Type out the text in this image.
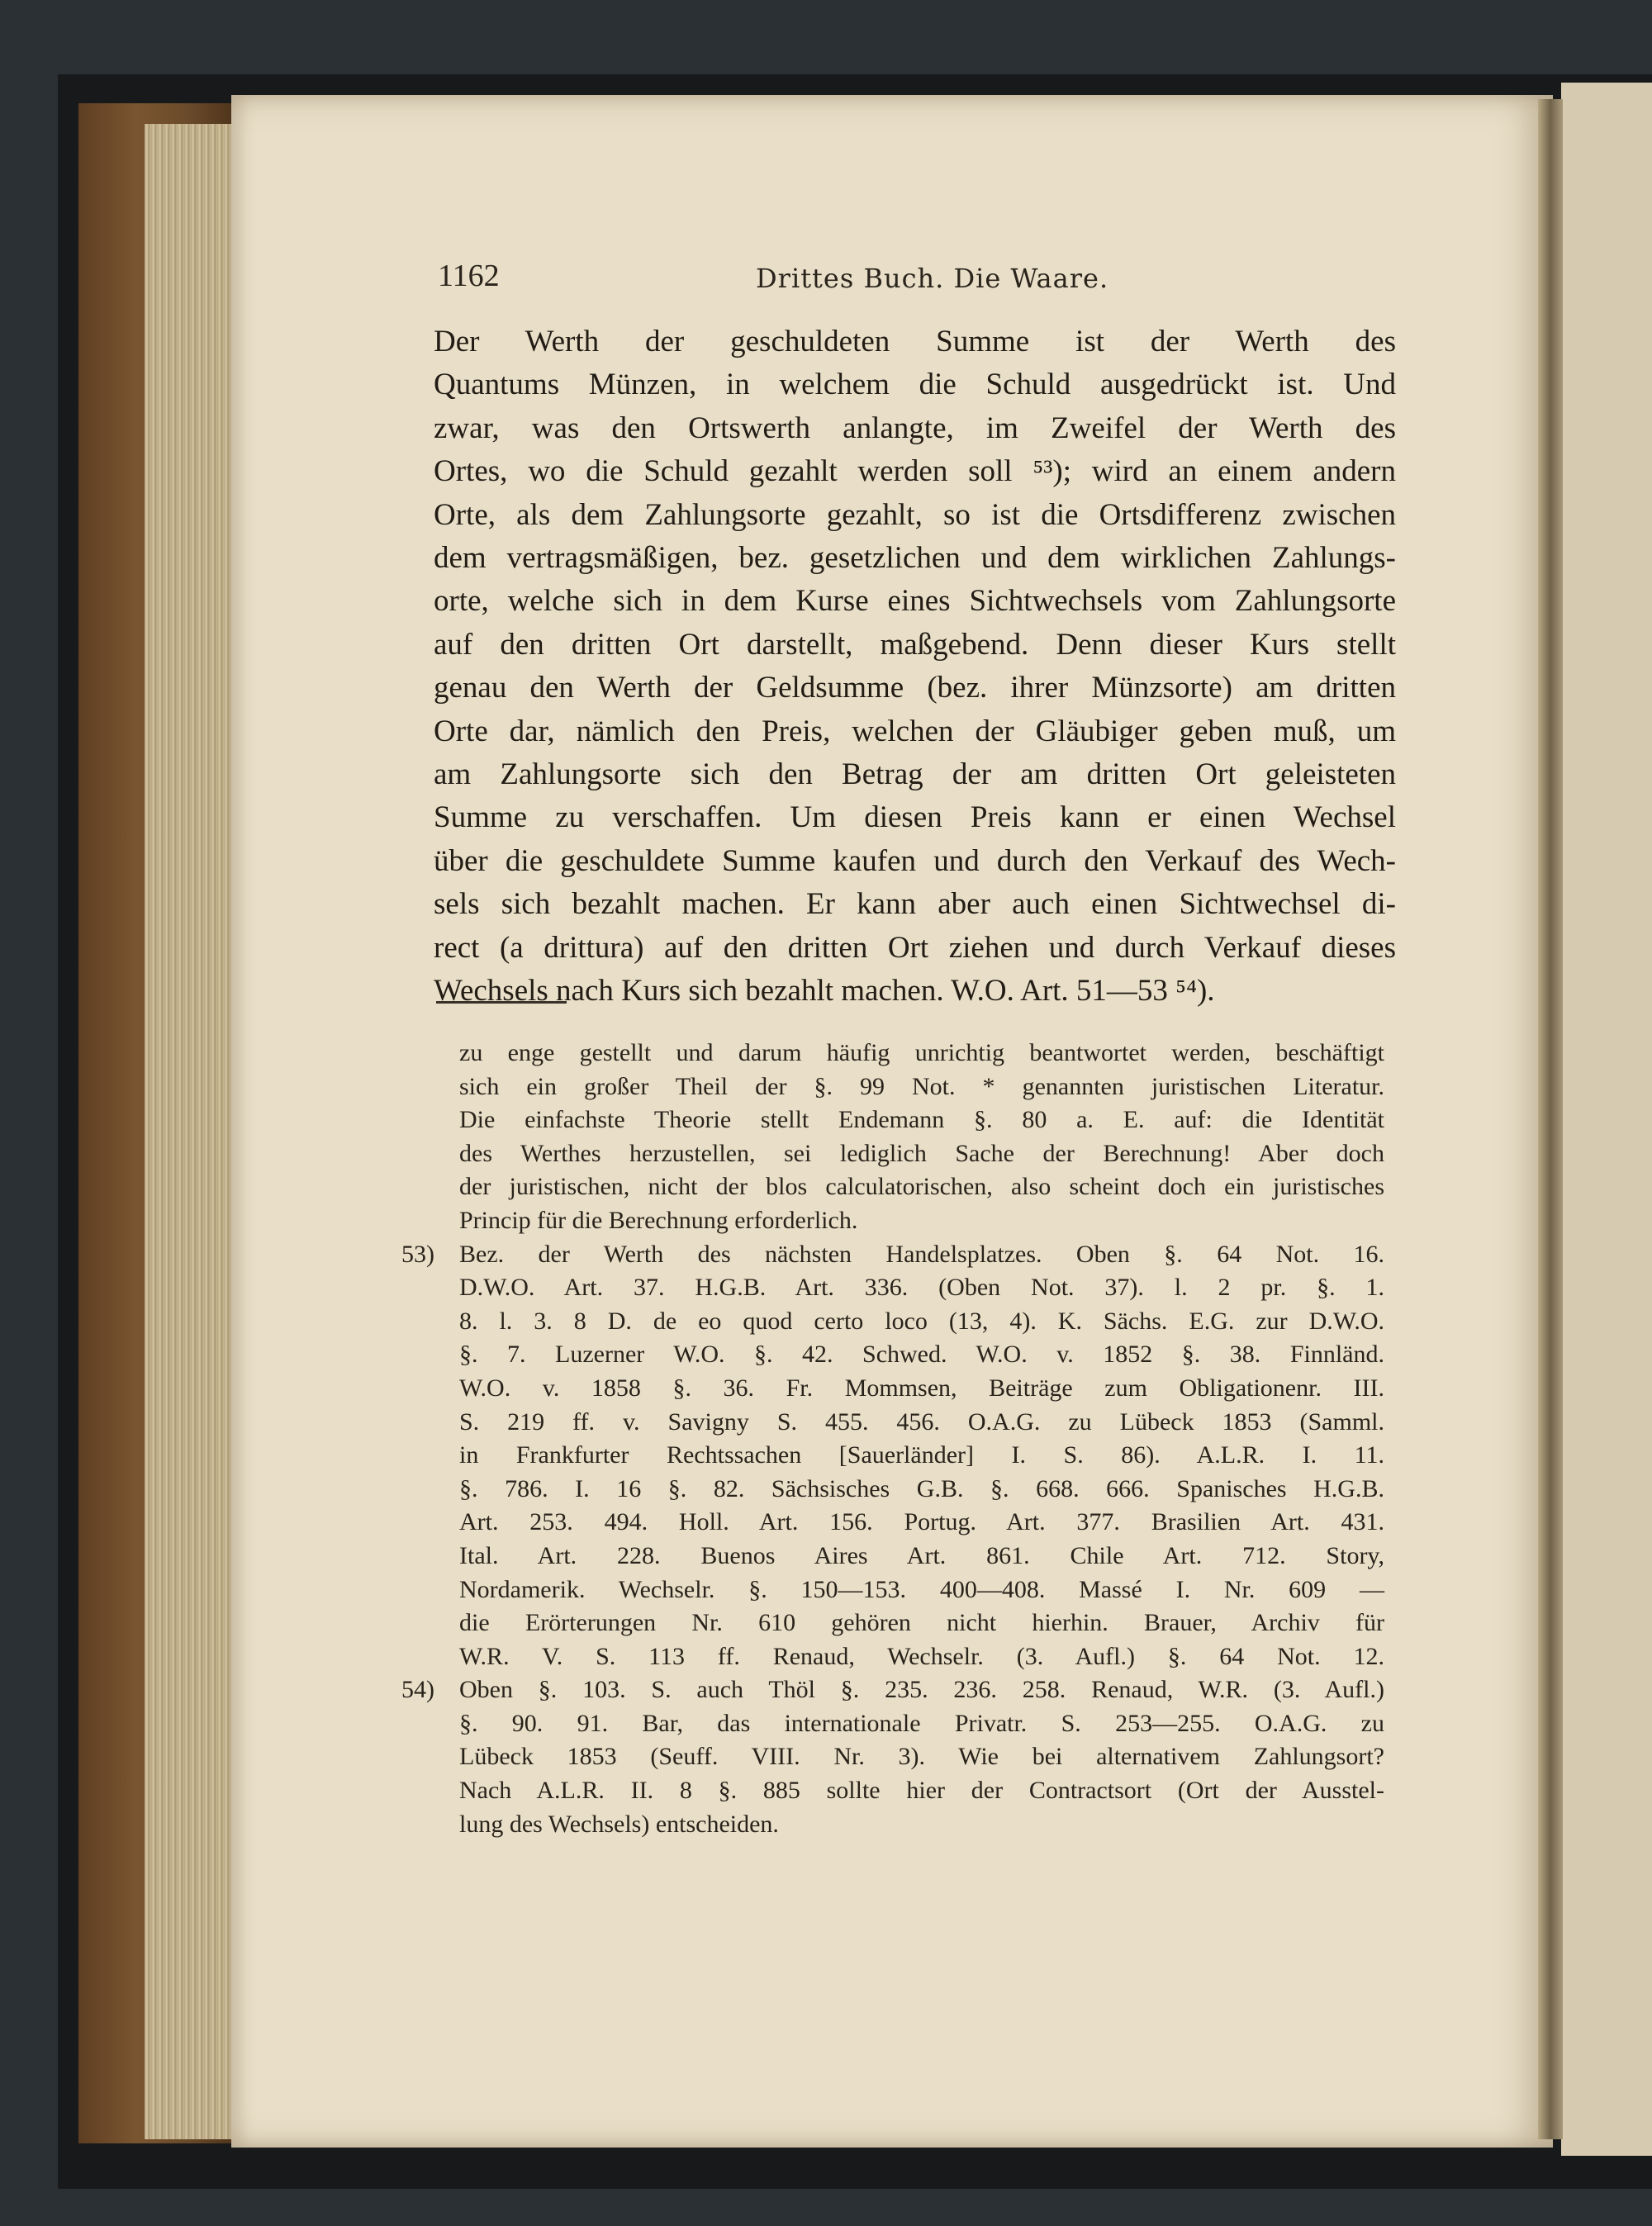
1162	Drittes Buch. Die Waare.
Der Werth der geschuldeten Summe ist der Werth des
Quantums Münzen, in welchem die Schuld ausgedrückt ist. Und
zwar, was den Ortswerth anlangte, im Zweifel der Werth des
Ortes, wo die Schuld gezahlt werden soll ⁵³); wird an einem andern
Orte, als dem Zahlungsorte gezahlt, so ist die Ortsdifferenz zwischen
dem vertragsmäßigen, bez. gesetzlichen und dem wirklichen Zahlungs-
orte, welche sich in dem Kurse eines Sichtwechsels vom Zahlungsorte
auf den dritten Ort darstellt, maßgebend. Denn dieser Kurs stellt
genau den Werth der Geldsumme (bez. ihrer Münzsorte) am dritten
Orte dar, nämlich den Preis, welchen der Gläubiger geben muß, um
am Zahlungsorte sich den Betrag der am dritten Ort geleisteten
Summe zu verschaffen. Um diesen Preis kann er einen Wechsel
über die geschuldete Summe kaufen und durch den Verkauf des Wech-
sels sich bezahlt machen. Er kann aber auch einen Sichtwechsel di-
rect (a drittura) auf den dritten Ort ziehen und durch Verkauf dieses
Wechsels nach Kurs sich bezahlt machen. W.O. Art. 51—53 ⁵⁴).
zu enge gestellt und darum häufig unrichtig beantwortet werden, beschäftigt
sich ein großer Theil der §. 99 Not. * genannten juristischen Literatur.
Die einfachste Theorie stellt Endemann §. 80 a. E. auf: die Identität
des Werthes herzustellen, sei lediglich Sache der Berechnung! Aber doch
der juristischen, nicht der blos calculatorischen, also scheint doch ein juristisches
Princip für die Berechnung erforderlich.
53) Bez. der Werth des nächsten Handelsplatzes. Oben §. 64 Not. 16.
D.W.O. Art. 37. H.G.B. Art. 336. (Oben Not. 37). l. 2 pr. §. 1.
8. l. 3. 8 D. de eo quod certo loco (13, 4). K. Sächs. E.G. zur D.W.O.
§. 7. Luzerner W.O. §. 42. Schwed. W.O. v. 1852 §. 38. Finnländ.
W.O. v. 1858 §. 36. Fr. Mommsen, Beiträge zum Obligationenr. III.
S. 219 ff. v. Savigny S. 455. 456. O.A.G. zu Lübeck 1853 (Samml.
in Frankfurter Rechtssachen [Sauerländer] I. S. 86). A.L.R. I. 11.
§. 786. I. 16 §. 82. Sächsisches G.B. §. 668. 666. Spanisches H.G.B.
Art. 253. 494. Holl. Art. 156. Portug. Art. 377. Brasilien Art. 431.
Ital. Art. 228. Buenos Aires Art. 861. Chile Art. 712. Story,
Nordamerik. Wechselr. §. 150—153. 400—408. Massé I. Nr. 609 —
die Erörterungen Nr. 610 gehören nicht hierhin. Brauer, Archiv für
W.R. V. S. 113 ff. Renaud, Wechselr. (3. Aufl.) §. 64 Not. 12.
54) Oben §. 103. S. auch Thöl §. 235. 236. 258. Renaud, W.R. (3. Aufl.)
§. 90. 91. Bar, das internationale Privatr. S. 253—255. O.A.G. zu
Lübeck 1853 (Seuff. VIII. Nr. 3). Wie bei alternativem Zahlungsort?
Nach A.L.R. II. 8 §. 885 sollte hier der Contractsort (Ort der Ausstel-
lung des Wechsels) entscheiden.
